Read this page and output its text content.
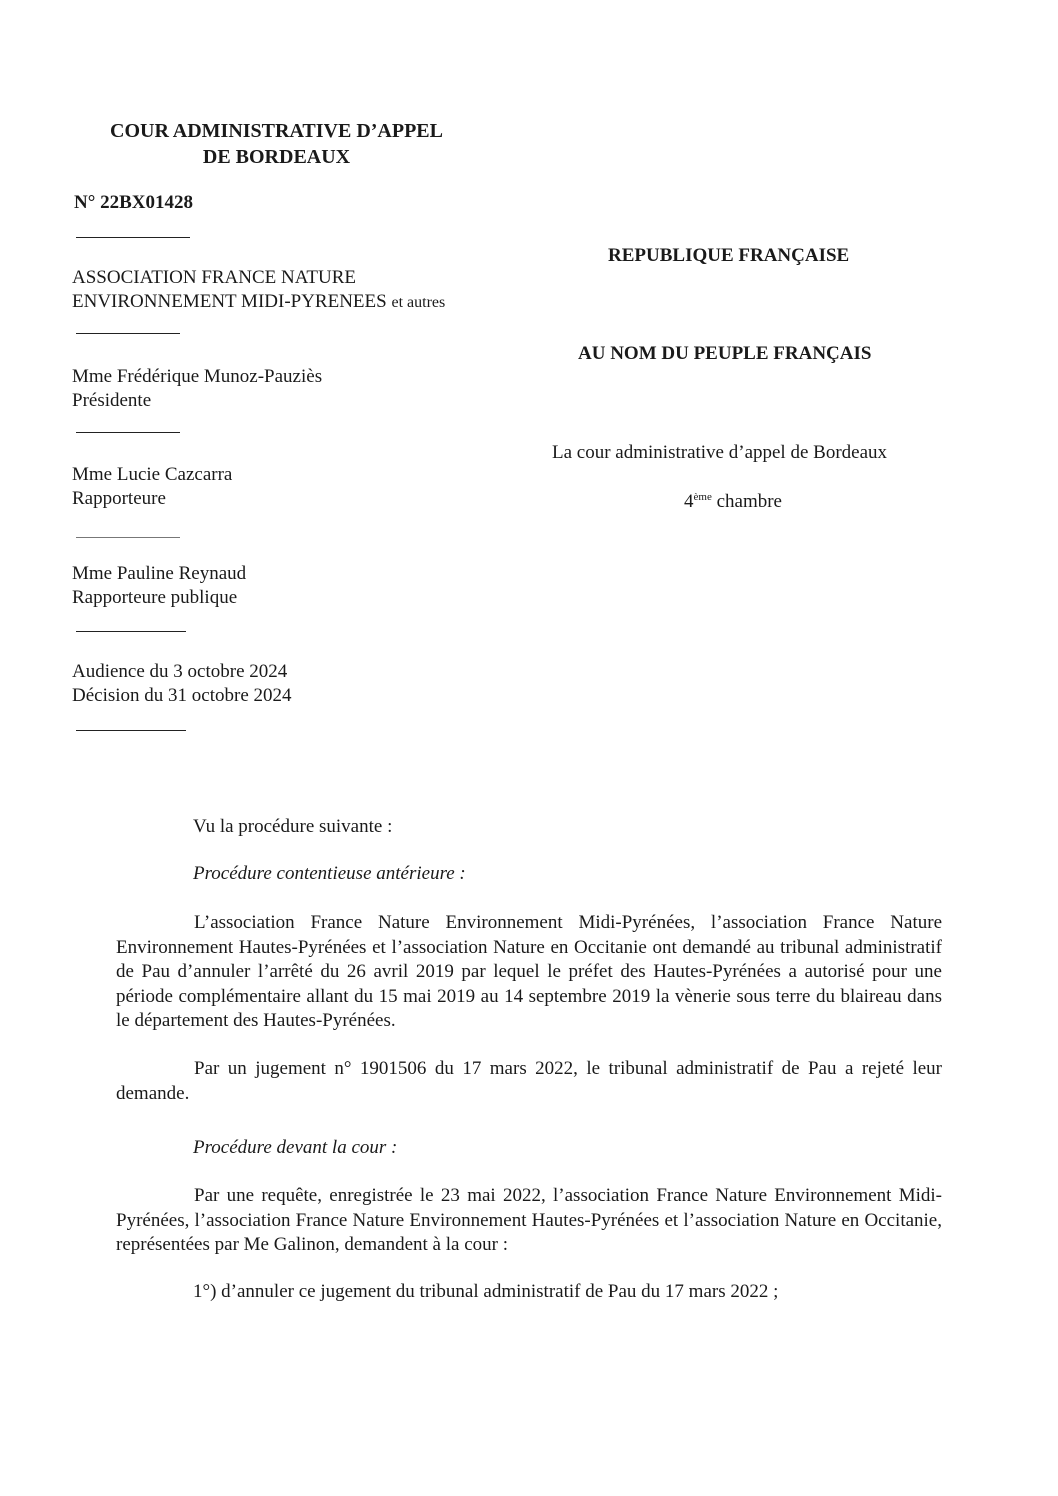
COUR ADMINISTRATIVE D’APPEL
DE BORDEAUX
N° 22BX01428
ASSOCIATION FRANCE NATURE
ENVIRONNEMENT MIDI-PYRENEES et autres
Mme Frédérique Munoz-Pauziès
Présidente
Mme Lucie Cazcarra
Rapporteure
Mme Pauline Reynaud
Rapporteure publique
Audience du 3 octobre 2024
Décision du 31 octobre 2024
REPUBLIQUE FRANÇAISE
AU NOM DU PEUPLE FRANÇAIS
La cour administrative d’appel de Bordeaux
4ème chambre
Vu la procédure suivante :
Procédure contentieuse antérieure :
L’association France Nature Environnement Midi-Pyrénées, l’association France Nature Environnement Hautes-Pyrénées et l’association Nature en Occitanie ont demandé au tribunal administratif de Pau d’annuler l’arrêté du 26 avril 2019 par lequel le préfet des Hautes-Pyrénées a autorisé pour une période complémentaire allant du 15 mai 2019 au 14 septembre 2019 la vènerie sous terre du blaireau dans le département des Hautes-Pyrénées.
Par un jugement n° 1901506 du 17 mars 2022, le tribunal administratif de Pau a rejeté leur demande.
Procédure devant la cour :
Par une requête, enregistrée le 23 mai 2022, l’association France Nature Environnement Midi-Pyrénées, l’association France Nature Environnement Hautes-Pyrénées et l’association Nature en Occitanie, représentées par Me Galinon, demandent à la cour :
1°) d’annuler ce jugement du tribunal administratif de Pau du 17 mars 2022 ;
